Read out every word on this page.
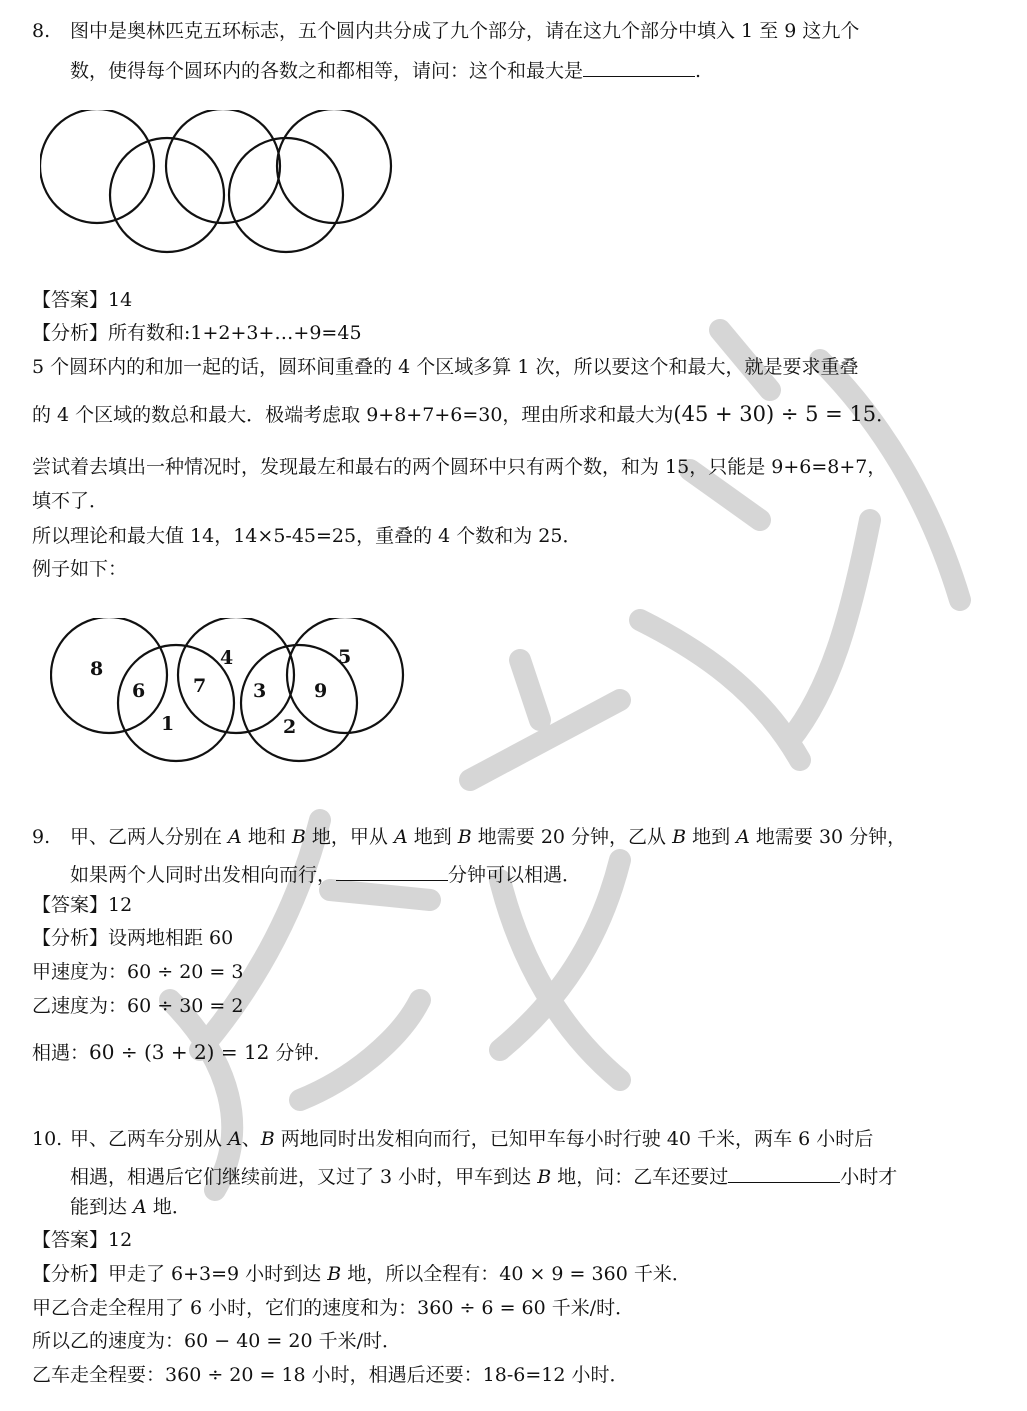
8. 图中是奥林匹克五环标志，五个圆内共分成了九个部分，请在这九个部分中填入 1 至 9 这九个
数，使得每个圆环内的各数之和都相等，请问：这个和最大是	.
【答案】14
【分析】所有数和:1+2+3+…+9=45
5 个圆环内的和加一起的话，圆环间重叠的 4 个区域多算 1 次，所以要这个和最大，就是要求重叠
的 4 个区域的数总和最大．极端考虑取 9+8+7+6=30，理由所求和最大为(45 + 30) ÷ 5 = 15．
尝试着去填出一种情况时，发现最左和最右的两个圆环中只有两个数，和为 15，只能是 9+6=8+7，
填不了．
所以理论和最大值 14，14×5-45=25，重叠的 4 个数和为 25．
例子如下：
8
6
1
7
4
3
2
9
5
9. 甲、乙两人分别在 A 地和 B 地，甲从 A 地到 B 地需要 20 分钟，乙从 B 地到 A 地需要 30 分钟，
如果两个人同时出发相向而行，	分钟可以相遇．
【答案】12
【分析】设两地相距 60
甲速度为：60 ÷ 20 = 3
乙速度为：60 ÷ 30 = 2
相遇：60 ÷ (3 + 2) = 12 分钟．
10. 甲、乙两车分别从 A、B 两地同时出发相向而行，已知甲车每小时行驶 40 千米，两车 6 小时后
相遇，相遇后它们继续前进，又过了 3 小时，甲车到达 B 地，问：乙车还要过	小时才
能到达 A 地．
【答案】12
【分析】甲走了 6+3=9 小时到达 B 地，所以全程有：40 × 9 = 360 千米．
甲乙合走全程用了 6 小时，它们的速度和为：360 ÷ 6 = 60 千米/时．
所以乙的速度为：60 − 40 = 20 千米/时．
乙车走全程要：360 ÷ 20 = 18 小时，相遇后还要：18-6=12 小时．
